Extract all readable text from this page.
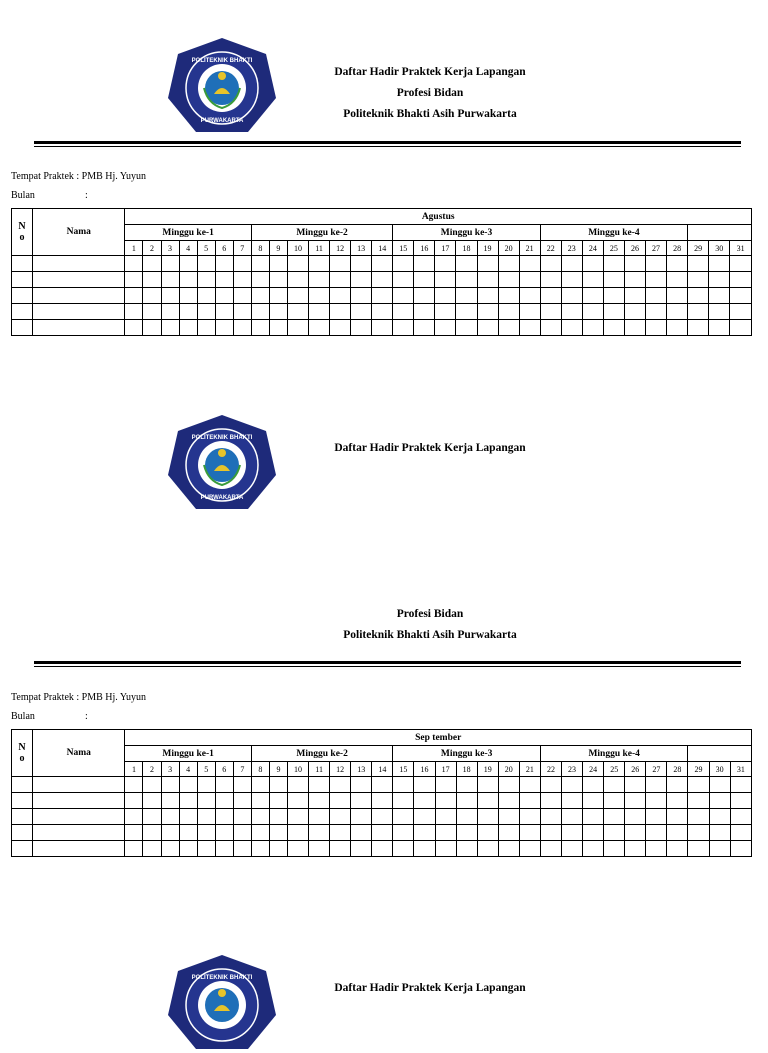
POLITEKNIK BHAKTI
PURWAKARTA
Daftar Hadir Praktek Kerja Lapangan
Profesi Bidan
Politeknik Bhakti Asih Purwakarta
Tempat Praktek : PMB Hj. Yuyun
Bulan	:
N
o	Nama	Agustus																														
		Minggu ke-1							Minggu ke-2							Minggu ke-3							Minggu ke-4									
		1	2	3	4	5	6	7	8	9	10	11	12	13	14	15	16	17	18	19	20	21	22	23	24	25	26	27	28	29	30	31

POLITEKNIK BHAKTI
PURWAKARTA
Daftar Hadir Praktek Kerja Lapangan
Profesi Bidan
Politeknik Bhakti Asih Purwakarta
Tempat Praktek : PMB Hj. Yuyun
Bulan	:
N
o	Nama	Sep tember																														
		Minggu ke-1							Minggu ke-2							Minggu ke-3							Minggu ke-4									
		1	2	3	4	5	6	7	8	9	10	11	12	13	14	15	16	17	18	19	20	21	22	23	24	25	26	27	28	29	30	31

POLITEKNIK BHAKTI
Daftar Hadir Praktek Kerja Lapangan
